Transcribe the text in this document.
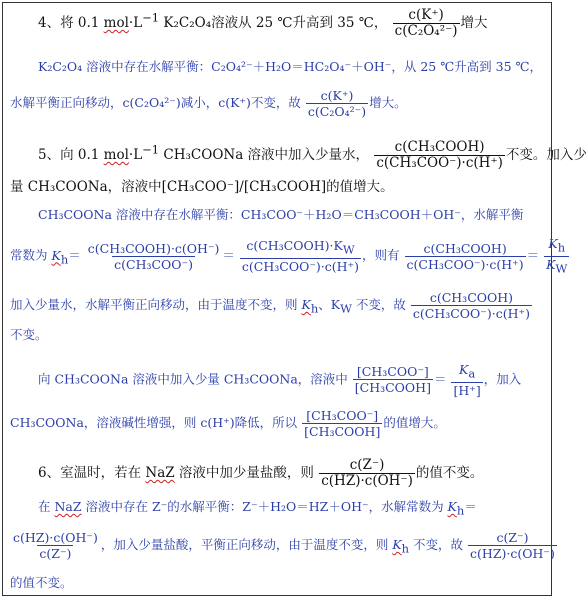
4、将 0.1 $mol\cdot L^{-1}$ K₂C₂O₄溶液从 25 ℃升高到 35 ℃， $\frac{c(K^+)}{\text{c(C₂O₄²⁻)}}$ 增大
K₂C₂O₄ 溶液中存在水解平衡：C₂O₄²⁻＋H₂O＝HC₂O₄⁻＋OH⁻，从 25 ℃升高到 35 ℃，
水解平衡正向移动，c(C₂O₄²⁻)减小，c(K⁺)不变，故 $\frac{c(K^+)}{\text{c(C₂O₄²⁻)}}$ 增大。
5、向 0.1 $mol\cdot L^{-1}$ CH₃COONa 溶液中加入少量水， $\frac{\text{c(CH₃COOH)}}{\text{c(CH₃COO⁻)·c(H⁺)}}$ 不变。加入少
量 CH₃COONa，溶液中[CH₃COO⁻]/[CH₃COOH]的值增大。
CH₃COONa 溶液中存在水解平衡：CH₃COO⁻＋H₂O＝CH₃COOH＋OH⁻，水解平衡
常数为 $K_h= \frac{\text{c(CH₃COOH)·c(OH⁻)}}{\text{c(CH₃COO⁻)}} = \frac{c(CH_3COOH)\cdot K_W}{\text{c(CH₃COO⁻)·c(H⁺)}}$ ，则有 $\frac{\text{c(CH₃COOH)}}{\text{c(CH₃COO⁻)·c(H⁺)}} = \frac{K_h}{K_W}$
加入少量水，水解平衡正向移动，由于温度不变，则 $K_h$、$K_W$ 不变，故 $\frac{\text{c(CH₃COOH)}}{\text{c(CH₃COO⁻)·c(H⁺)}}$
不变。
向 CH₃COONa 溶液中加入少量 CH₃COONa，溶液中 $\frac{\text{[CH₃COO⁻]}}{\text{[CH₃COOH]}} = \frac{K_a}{[H^+]}$ ，加入
CH₃COONa，溶液碱性增强，则 c(H⁺)降低，所以 $\frac{\text{[CH₃COO⁻]}}{\text{[CH₃COOH]}}$ 的值增大。
6、室温时，若在 NaZ 溶液中加少量盐酸，则 $\frac{c(Z^-)}{c(HZ)\cdot c(OH^-)}$ 的值不变。
在 NaZ 溶液中存在 Z⁻的水解平衡：Z⁻＋H₂O＝HZ＋OH⁻，水解常数为 $K_h=$
$\frac{c(HZ)\cdot c(OH^-)}{c(Z^-)}$ ，加入少量盐酸，平衡正向移动，由于温度不变，则 $K_h$ 不变，故 $\frac{c(Z^-)}{c(HZ)\cdot c(OH^-)}$
的值不变。
